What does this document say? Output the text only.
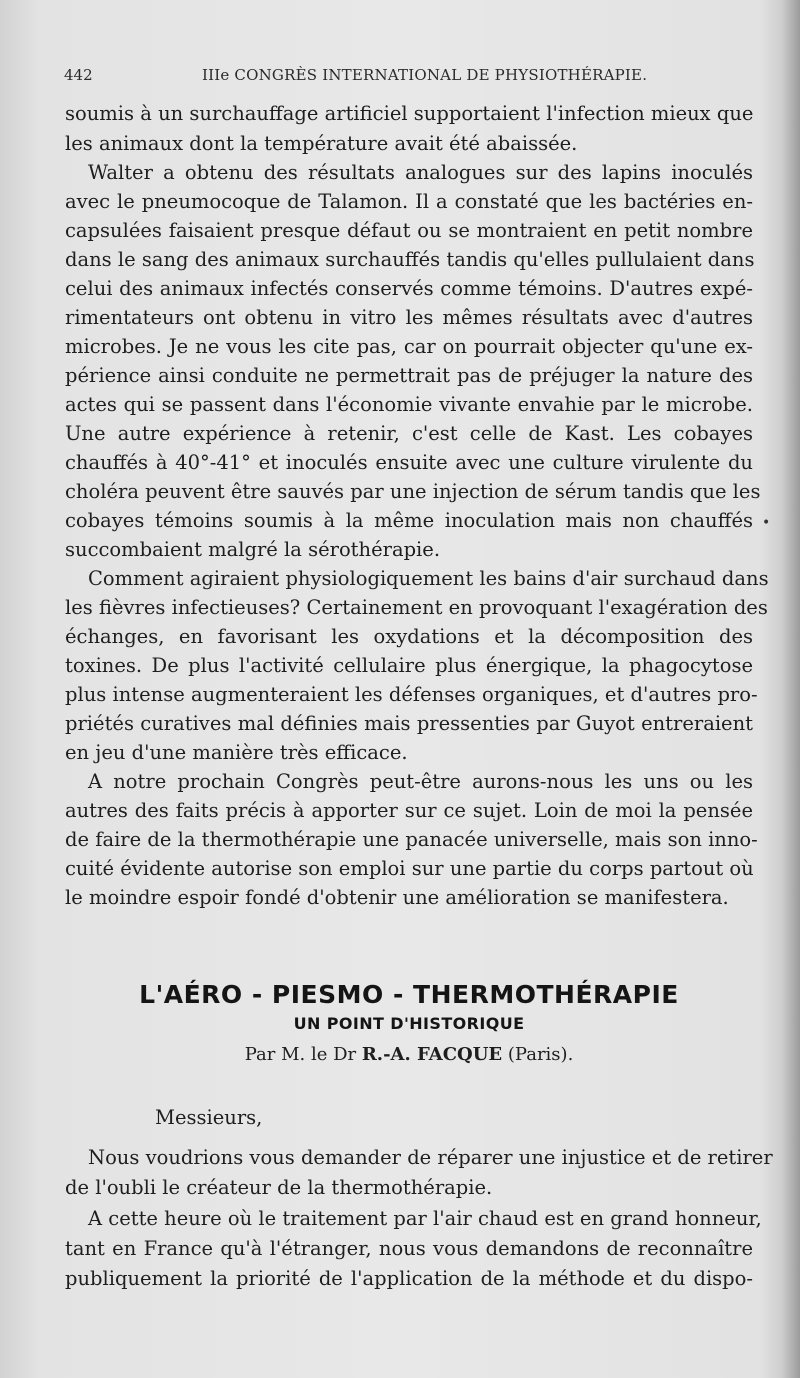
442	IIIe CONGRÈS INTERNATIONAL DE PHYSIOTHÉRAPIE.
soumis à un surchauffage artificiel supportaient l'infection mieux que
les animaux dont la température avait été abaissée.
Walter a obtenu des résultats analogues sur des lapins inoculés
avec le pneumocoque de Talamon. Il a constaté que les bactéries en-
capsulées faisaient presque défaut ou se montraient en petit nombre
dans le sang des animaux surchauffés tandis qu'elles pullulaient dans
celui des animaux infectés conservés comme témoins. D'autres expé-
rimentateurs ont obtenu in vitro les mêmes résultats avec d'autres
microbes. Je ne vous les cite pas, car on pourrait objecter qu'une ex-
périence ainsi conduite ne permettrait pas de préjuger la nature des
actes qui se passent dans l'économie vivante envahie par le microbe.
Une autre expérience à retenir, c'est celle de Kast. Les cobayes
chauffés à 40°-41° et inoculés ensuite avec une culture virulente du
choléra peuvent être sauvés par une injection de sérum tandis que les
cobayes témoins soumis à la même inoculation mais non chauffés
succombaient malgré la sérothérapie.
Comment agiraient physiologiquement les bains d'air surchaud dans
les fièvres infectieuses? Certainement en provoquant l'exagération des
échanges, en favorisant les oxydations et la décomposition des
toxines. De plus l'activité cellulaire plus énergique, la phagocytose
plus intense augmenteraient les défenses organiques, et d'autres pro-
priétés curatives mal définies mais pressenties par Guyot entreraient
en jeu d'une manière très efficace.
A notre prochain Congrès peut-être aurons-nous les uns ou les
autres des faits précis à apporter sur ce sujet. Loin de moi la pensée
de faire de la thermothérapie une panacée universelle, mais son inno-
cuité évidente autorise son emploi sur une partie du corps partout où
le moindre espoir fondé d'obtenir une amélioration se manifestera.
•
L'AÉRO - PIESMO - THERMOTHÉRAPIE
UN POINT D'HISTORIQUE
Par M. le Dr R.-A. FACQUE (Paris).
Messieurs,
Nous voudrions vous demander de réparer une injustice et de retirer
de l'oubli le créateur de la thermothérapie.
A cette heure où le traitement par l'air chaud est en grand honneur,
tant en France qu'à l'étranger, nous vous demandons de reconnaître
publiquement la priorité de l'application de la méthode et du dispo-
